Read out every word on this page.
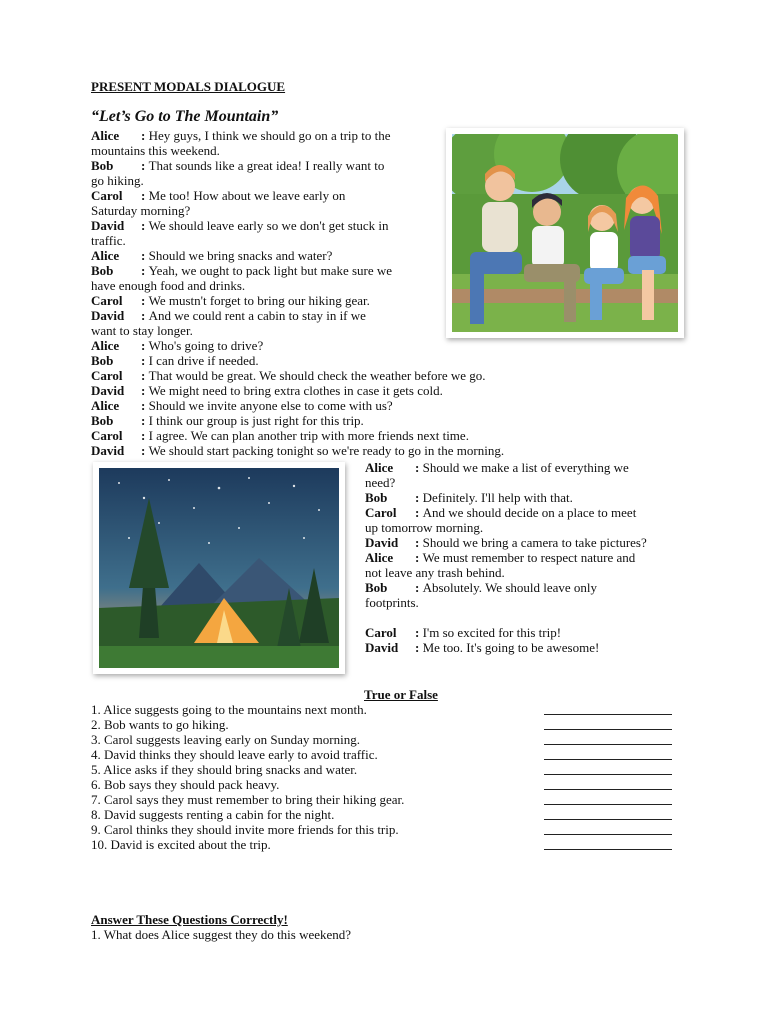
PRESENT MODALS DIALOGUE
“Let’s Go to The Mountain”
Alice : Hey guys, I think we should go on a trip to the
mountains this weekend.
Bob : That sounds like a great idea! I really want to
go hiking.
Carol : Me too! How about we leave early on
Saturday morning?
David : We should leave early so we don't get stuck in
traffic.
Alice : Should we bring snacks and water?
Bob : Yeah, we ought to pack light but make sure we
have enough food and drinks.
Carol : We mustn't forget to bring our hiking gear.
David : And we could rent a cabin to stay in if we
want to stay longer.
Alice : Who's going to drive?
Bob : I can drive if needed.
Carol : That would be great. We should check the weather before we go.
David : We might need to bring extra clothes in case it gets cold.
Alice : Should we invite anyone else to come with us?
Bob : I think our group is just right for this trip.
Carol : I agree. We can plan another trip with more friends next time.
David : We should start packing tonight so we're ready to go in the morning.
Alice : Should we make a list of everything we
need?
Bob : Definitely. I'll help with that.
Carol : And we should decide on a place to meet
up tomorrow morning.
David : Should we bring a camera to take pictures?
Alice : We must remember to respect nature and
not leave any trash behind.
Bob : Absolutely. We should leave only
footprints.
Carol : I'm so excited for this trip!
David : Me too. It's going to be awesome!
True or False
1. Alice suggests going to the mountains next month.
2. Bob wants to go hiking.
3. Carol suggests leaving early on Sunday morning.
4. David thinks they should leave early to avoid traffic.
5. Alice asks if they should bring snacks and water.
6. Bob says they should pack heavy.
7. Carol says they must remember to bring their hiking gear.
8. David suggests renting a cabin for the night.
9. Carol thinks they should invite more friends for this trip.
10. David is excited about the trip.
Answer These Questions Correctly!
1. What does Alice suggest they do this weekend?
